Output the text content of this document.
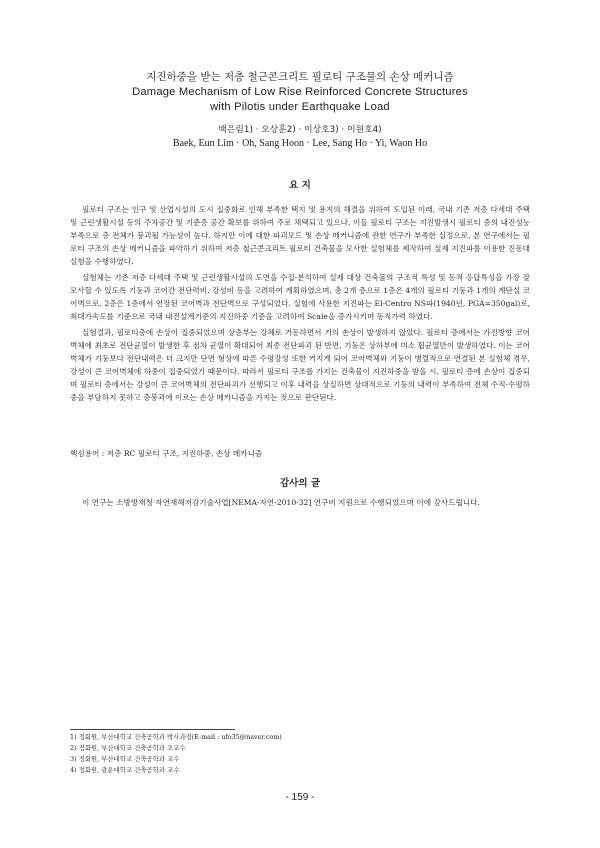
지진하중을 받는 저층 철근콘크리트 필로티 구조물의 손상 메커니즘
Damage Mechanism of Low Rise Reinforced Concrete Structures
with Pilotis under Earthquake Load
백은림1) · 오상훈2) · 이상호3) · 이원호4)
Baek, Eun Lim · Oh, Sang Hoon · Lee, Sang Ho · Yi, Waon Ho
요 지

필로티 구조는 인구 및 산업시설의 도시 집중화로 인해 부족한 택지 및 용지의 해결을 위하여 도입된 이래, 국내 기존 저층 다세대 주택 및 근린생활시설 등의 주차공간 및 기준층 공간 확보를 위하여 주로 채택되고 있으나, 이들 필로티 구조는 지진발생시 필로티 층의 내진성능 부족으로 층 전체가 붕괴될 가능성이 높다. 하지만 이에 대한 파괴모드 및 손상 메커니즘에 관한 연구가 부족한 실정으로, 본 연구에서는 필로티 구조의 손상 메커니즘을 파악하기 위하여 저층 철근콘크리트 필로티 건축물을 모사한 실험체를 제작하여 실제 지진파를 이용한 진동대 실험을 수행하였다.

실험체는 기존 저층 다세대 주택 및 근린생활시설의 도면을 수집·분석하여 실제 대상 건축물의 구조적 특성 및 동적 응답특성을 가장 잘 모사할 수 있도록 기둥과 코어간 전단력비, 강성비 등을 고려하여 계획하였으며, 총 2개 층으로 1층은 4개의 필로티 기둥과 1개의 계단실 코어벽으로, 2층은 1층에서 연장된 코어벽과 전단벽으로 구성되었다. 실험에 사용한 지진파는 El-Centro NS파(1940년, PGA=350gal)로, 최대가속도를 기준으로 국내 내진설계기준의 지진하중 기준을 고려하여 Scale을 증가시키며 동적가력 하였다.

실험결과, 필로티층에 손상이 집중되었으며 상층부는 강체로 거동하면서 거의 손상이 발생하지 않았다. 필로티 층에서는 가진방향 코어벽체에 최초로 전단균열이 발생한 후 점차 균열이 확대되어 최종 전단파괴 된 반면, 기둥은 상하부에 미소 휨균열만이 발생하였다. 이는 코어벽체가 기둥보다 전단내력은 더 크지만 단면 형상에 따른 수평강성 또한 커지게 되어 코어벽체와 기둥이 병렬적으로 연결된 본 실험체 경우, 강성이 큰 코어벽체에 하중이 집중되었기 때문이다. 따라서 필로티 구조를 가지는 건축물이 지진하중을 받을 시, 필로티 층에 손상이 집중되며 필로티 층에서는 강성이 큰 코어벽체의 전단파괴가 선행되고 이후 내력을 상실하면 상대적으로 기둥의 내력이 부족하여 전체 수직·수평하중을 부담하지 못하고 층붕괴에 이르는 손상 메카니즘을 가지는 것으로 판단된다.

핵심용어 : 저층 RC 필로티 구조, 지진하중, 손상 메카니즘
감사의 글

이 연구는 소방방재청 자연재해저감기술사업[NEMA-자연-2010-32] 연구비 지원으로 수행되었으며 이에 감사드립니다.

1) 정회원, 부산대학교 건축공학과 박사과정(E-mail : ufo35@naver.com)
2) 정회원, 부산대학교 건축공학과 조교수
3) 정회원, 부산대학교 건축공학과 교수
4) 정회원, 광운대학교 건축공학과 교수
- 159 -
